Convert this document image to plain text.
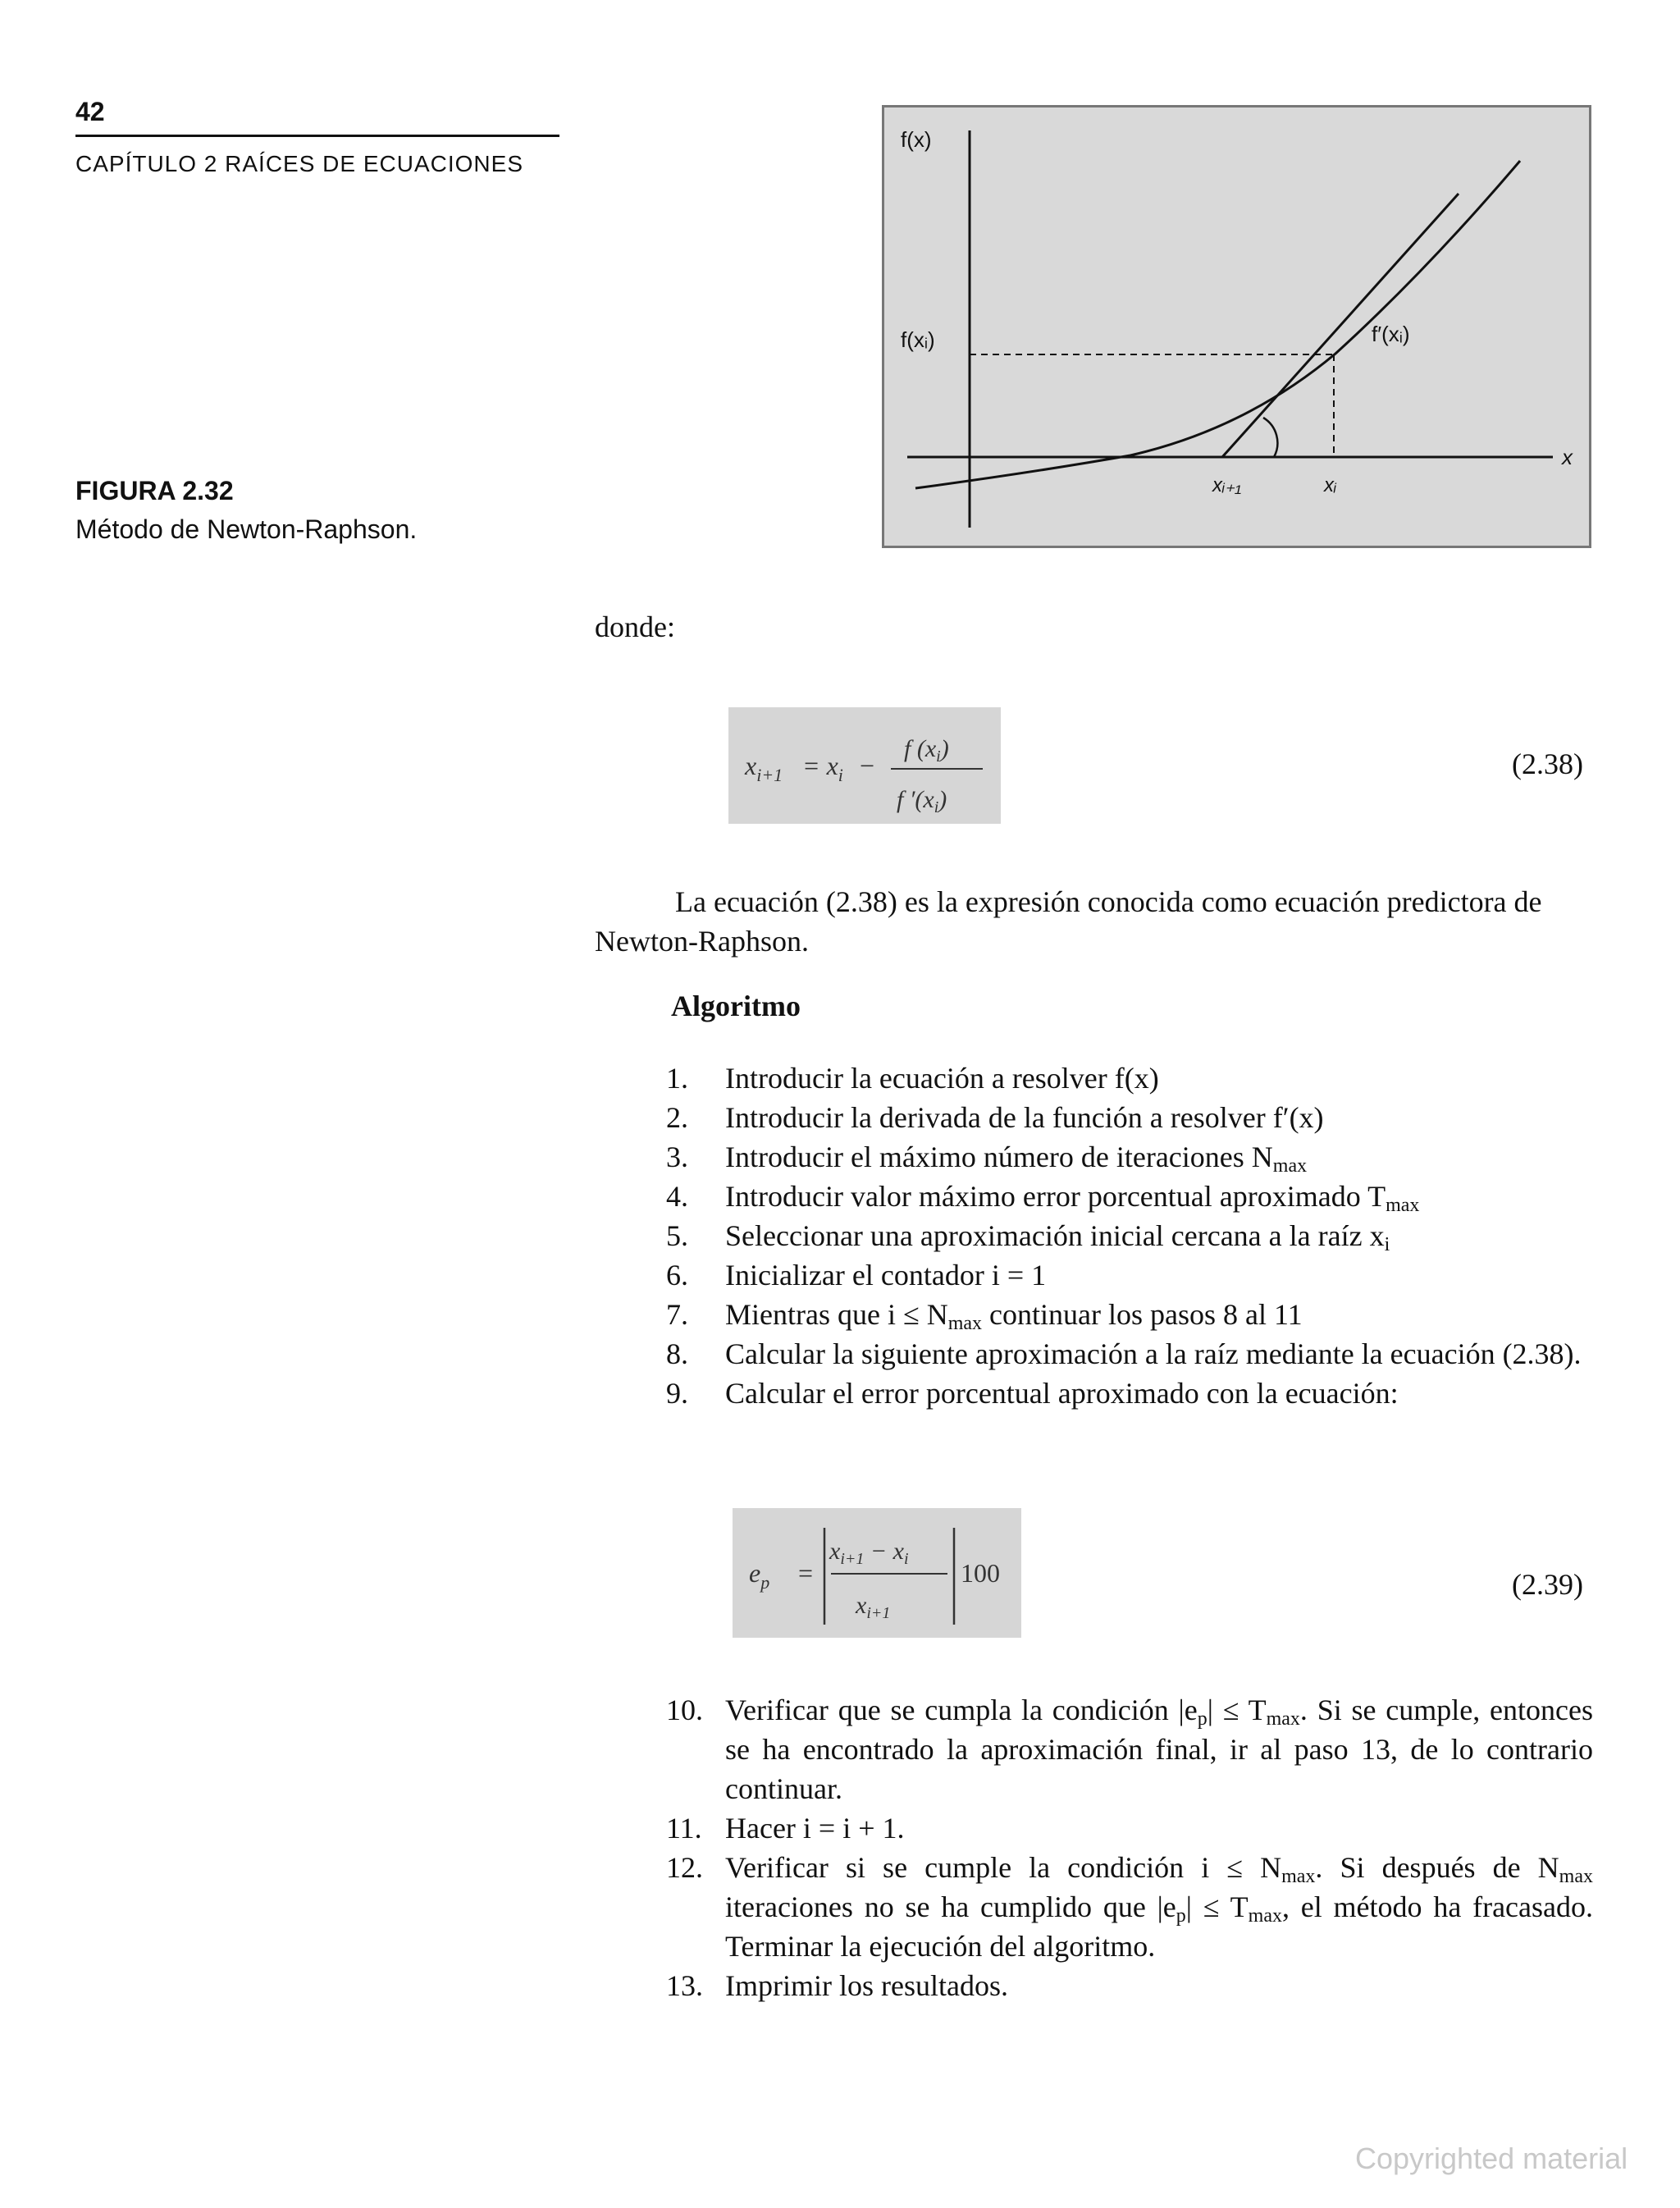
42
CAPÍTULO 2 RAÍCES DE ECUACIONES
FIGURA 2.32
Método de Newton-Raphson.
f(x)
f(xᵢ)	f′(xᵢ)
x
xᵢ₊₁	xᵢ
donde:
$x_{i+1} = x_i$ −
f $(x_i)$
f $'(x_i)$
(2.38)
La ecuación (2.38) es la expresión conocida como ecuación predictora de
Newton-Raphson.
Algoritmo
1.	Introducir la ecuación a resolver f(x)
2.	Introducir la derivada de la función a resolver f′(x)
3.	Introducir el máximo número de iteraciones $N_{max}$
4.	Introducir valor máximo error porcentual aproximado $T_{max}$
5.	Seleccionar una aproximación inicial cercana a la raíz $x_i$
6.	Inicializar el contador i = 1
7.	Mientras que $i \le N_{max}$ continuar los pasos 8 al 11
8.	Calcular la siguiente aproximación a la raíz mediante la ecuación (2.38).
9.	Calcular el error porcentual aproximado con la ecuación:
$e_p$ =
$x_{i+1} - x_i$
$x_{i+1}$
100	(2.39)
10. Verificar que se cumpla la condición $|e_p| \le T_{max}$. Si se cumple, entonces se ha encontrado la aproximación final, ir al paso 13, de lo contrario continuar.
11. Hacer i = i + 1.
12. Verificar si se cumple la condición $i \le N_{max}$. Si después de $N_{max}$ iteraciones no se ha cumplido que $|e_p| \le T_{max}$, el método ha fracasado. Terminar la ejecución del algoritmo.
13. Imprimir los resultados.
Copyrighted material
